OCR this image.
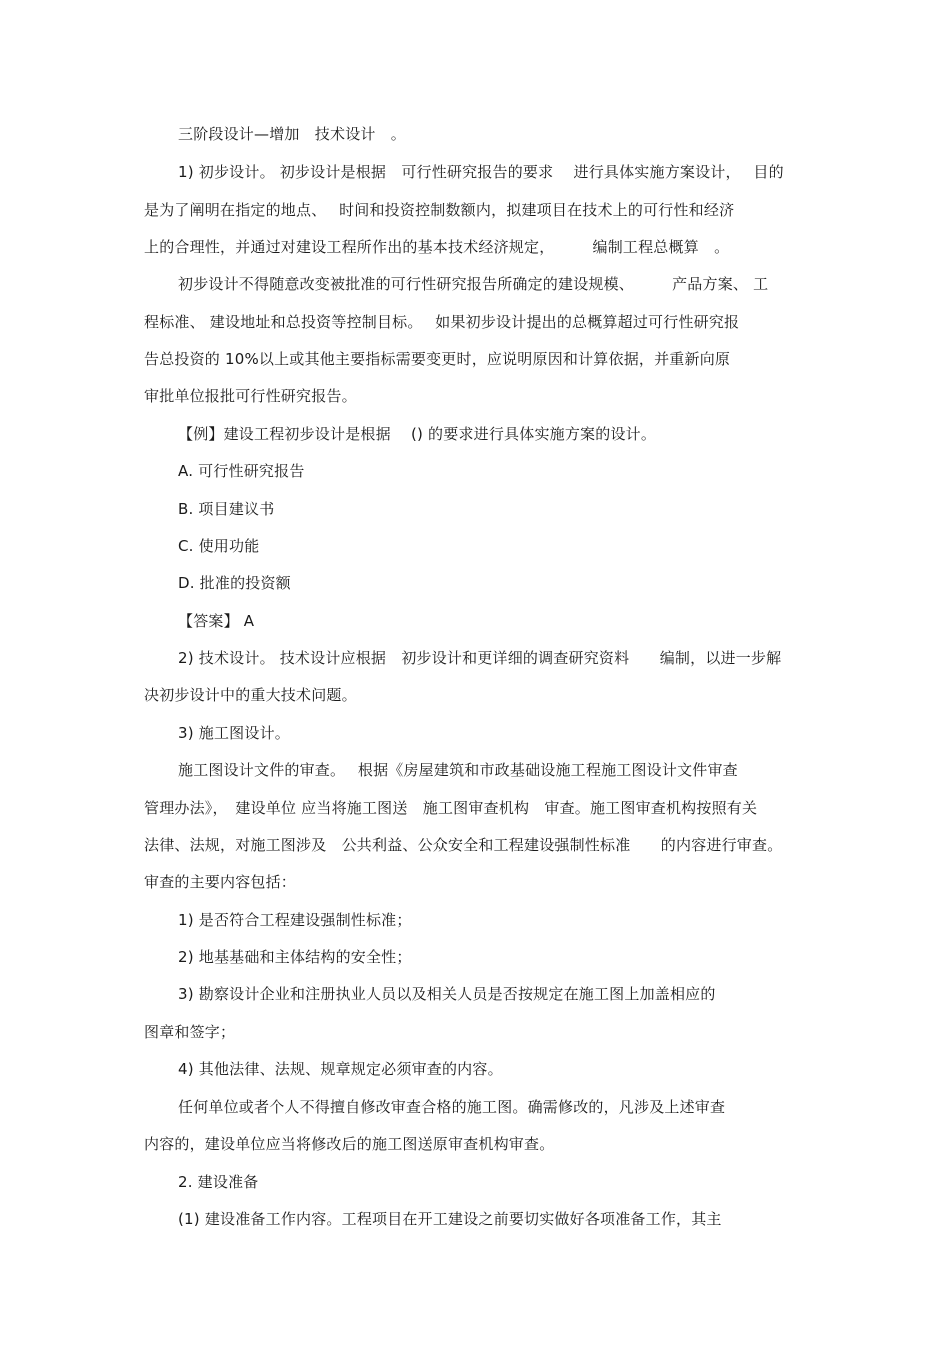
三阶段设计—增加　技术设计　。
1) 初步设计。 初步设计是根据　可行性研究报告的要求　 进行具体实施方案设计，　 目的
是为了阐明在指定的地点、　 时间和投资控制数额内，拟建项目在技术上的可行性和经济
上的合理性，并通过对建设工程所作出的基本技术经济规定，　　　编制工程总概算　。
初步设计不得随意改变被批准的可行性研究报告所确定的建设规模、　　　产品方案、 工
程标准、 建设地址和总投资等控制目标。　 如果初步设计提出的总概算超过可行性研究报
告总投资的 10%以上或其他主要指标需要变更时，应说明原因和计算依据，并重新向原
审批单位报批可行性研究报告。
【例】建设工程初步设计是根据　 () 的要求进行具体实施方案的设计。
A. 可行性研究报告
B. 项目建议书
C. 使用功能
D. 批准的投资额
【答案】 A
2) 技术设计。 技术设计应根据　初步设计和更详细的调查研究资料　　编制，以进一步解
决初步设计中的重大技术问题。
3) 施工图设计。
施工图设计文件的审查。　 根据《房屋建筑和市政基础设施工程施工图设计文件审查
管理办法》，　建设单位 应当将施工图送　施工图审查机构　审查。施工图审查机构按照有关
法律、法规，对施工图涉及　公共利益、公众安全和工程建设强制性标准　　的内容进行审查。
审查的主要内容包括：
1) 是否符合工程建设强制性标准；
2) 地基基础和主体结构的安全性；
3) 勘察设计企业和注册执业人员以及相关人员是否按规定在施工图上加盖相应的
图章和签字；
4) 其他法律、法规、规章规定必须审查的内容。
任何单位或者个人不得擅自修改审查合格的施工图。确需修改的，凡涉及上述审查
内容的，建设单位应当将修改后的施工图送原审查机构审查。
2. 建设准备
(1) 建设准备工作内容。工程项目在开工建设之前要切实做好各项准备工作，其主
